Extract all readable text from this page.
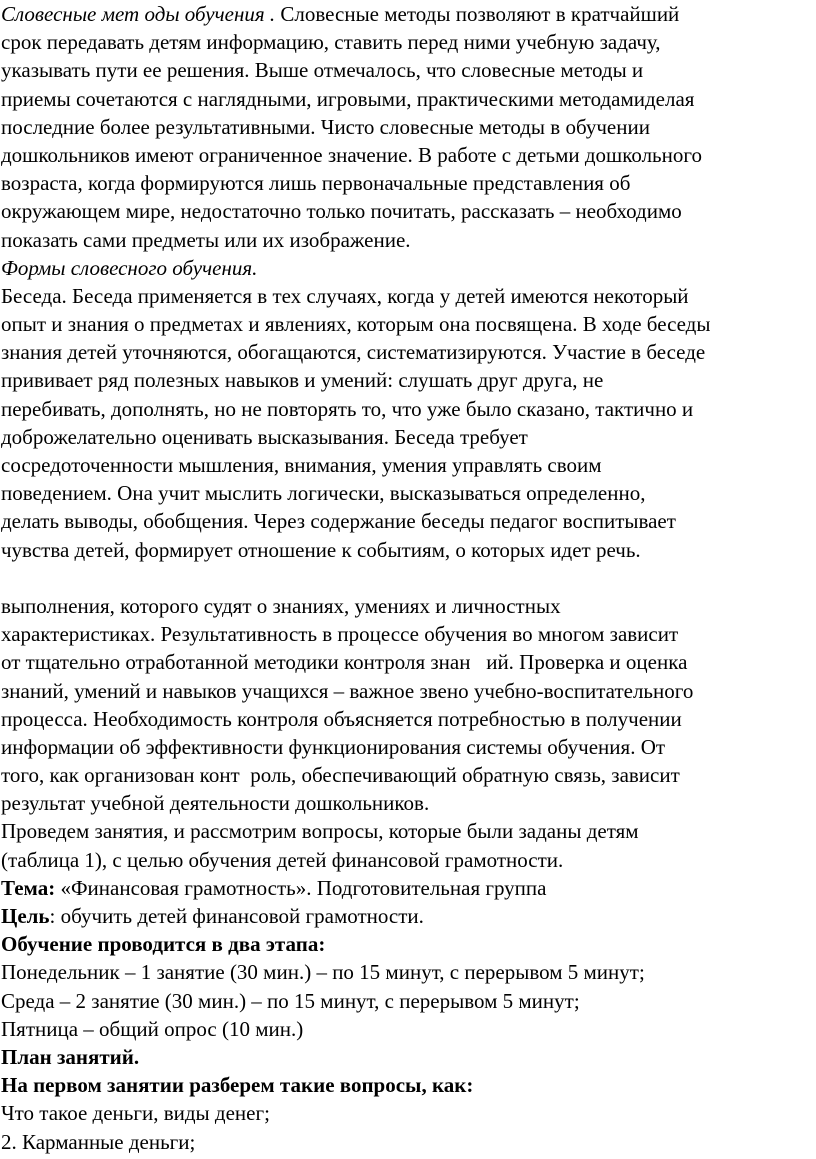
Словесные мет оды обучения . Словесные методы позволяют в кратчайший
срок передавать детям информацию, ставить перед ними учебную задачу,
указывать пути ее решения. Выше отмечалось, что словесные методы и
приемы сочетаются с наглядными, игровыми, практическими методамиделая
последние более результативными. Чисто словесные методы в обучении
дошкольников имеют ограниченное значение. В работе с детьми дошкольного
возраста, когда формируются лишь первоначальные представления об
окружающем мире, недостаточно только почитать, рассказать – необходимо
показать сами предметы или их изображение.
Формы словесного обучения.
Беседа. Беседа применяется в тех случаях, когда у детей имеются некоторый
опыт и знания о предметах и явлениях, которым она посвящена. В ходе беседы
знания детей уточняются, обогащаются, систематизируются. Участие в беседе
прививает ряд полезных навыков и умений: слушать друг друга, не
перебивать, дополнять, но не повторять то, что уже было сказано, тактично и
доброжелательно оценивать высказывания. Беседа требует
сосредоточенности мышления, внимания, умения управлять своим
поведением. Она учит мыслить логически, высказываться определенно,
делать выводы, обобщения. Через содержание беседы педагог воспитывает
чувства детей, формирует отношение к событиям, о которых идет речь.

выполнения, которого судят о знаниях, умениях и личностных
характеристиках. Результативность в процессе обучения во многом зависит
от тщательно отработанной методики контроля знан   ий. Проверка и оценка
знаний, умений и навыков учащихся – важное звено учебно-воспитательного
процесса. Необходимость контроля объясняется потребностью в получении
информации об эффективности функционирования системы обучения. От
того, как организован конт  роль, обеспечивающий обратную связь, зависит
результат учебной деятельности дошкольников.
Проведем занятия, и рассмотрим вопросы, которые были заданы детям
(таблица 1), с целью обучения детей финансовой грамотности.
Тема: «Финансовая грамотность». Подготовительная группа
Цель: обучить детей финансовой грамотности.
Обучение проводится в два этапа:
Понедельник – 1 занятие (30 мин.) – по 15 минут, с перерывом 5 минут;
Среда – 2 занятие (30 мин.) – по 15 минут, с перерывом 5 минут;
Пятница – общий опрос (10 мин.)
План занятий.
На первом занятии разберем такие вопросы, как:
Что такое деньги, виды денег;
2. Карманные деньги;
